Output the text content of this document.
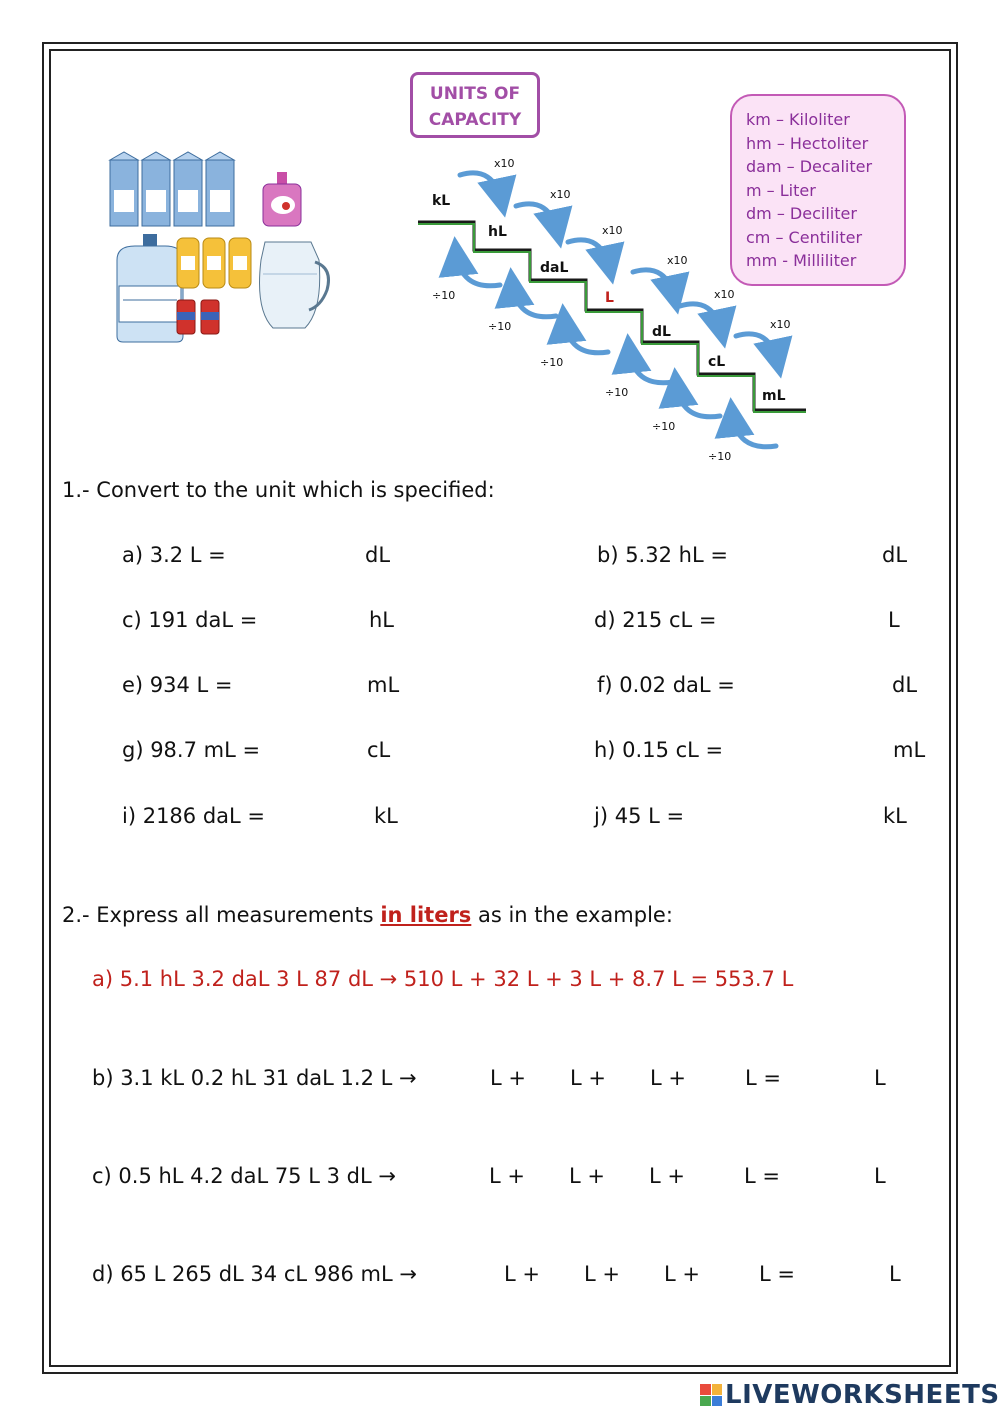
UNITS OF
CAPACITY	km – Kiloliter
hm – Hectoliter
dam – Decaliter
m – Liter
dm – Deciliter
cm – Centiliter
mm - Milliliter
kL
hL
daL
L
dL
cL
mL
x10
÷10
x10
÷10
x10
÷10
x10
÷10
x10
÷10
x10
÷10
1.- Convert to the unit which is specified:
a) 3.2 L =	dL	b) 5.32 hL =	dL
c) 191 daL =	hL	d) 215 cL =	L
e) 934 L =	mL	f) 0.02 daL =	dL
g) 98.7 mL =	cL	h) 0.15 cL =	mL
i) 2186 daL =	kL	j) 45 L =	kL
2.- Express all measurements in liters as in the example:
a) 5.1 hL 3.2 daL 3 L 87 dL → 510 L + 32 L + 3 L + 8.7 L = 553.7 L
b) 3.1 kL 0.2 hL 31 daL 1.2 L →	L + L + L +	L =	L
c) 0.5 hL 4.2 daL 75 L 3 dL →	L + L + L +	L =	L
d) 65 L 265 dL 34 cL 986 mL →	L + L + L +	L =	L
LIVEWORKSHEETS
